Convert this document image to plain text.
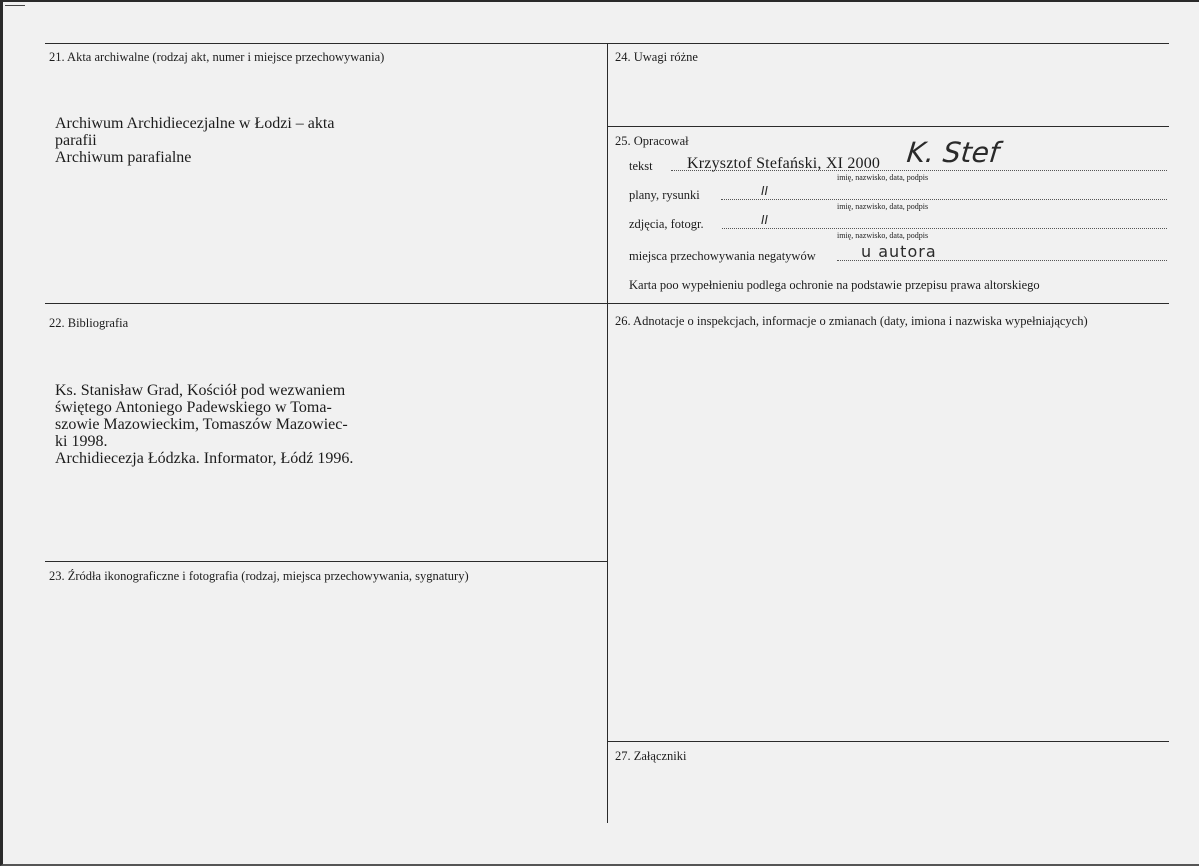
21. Akta archiwalne (rodzaj akt, numer i miejsce przechowywania)
Archiwum Archidiecezjalne w Łodzi – akta
parafii
Archiwum parafialne
22. Bibliografia
Ks. Stanisław Grad, Kościół pod wezwaniem
świętego Antoniego Padewskiego w Toma-
szowie Mazowieckim, Tomaszów Mazowiec-
ki 1998.
Archidiecezja Łódzka. Informator, Łódź 1996.
23. Źródła ikonograficzne i fotografia (rodzaj, miejsca przechowywania, sygnatury)
24. Uwagi różne
25. Opracował
tekst Krzysztof Stefański, XI 2000 K. Stef
imię, nazwisko, data, podpis
plany, rysunki	II
imię, nazwisko, data, podpis
zdjęcia, fotogr.	II
imię, nazwisko, data, podpis
miejsca przechowywania negatywów	u autora
Karta poo wypełnieniu podlega ochronie na podstawie przepisu prawa altorskiego
26. Adnotacje o inspekcjach, informacje o zmianach (daty, imiona i nazwiska wypełniających)
27. Załączniki
